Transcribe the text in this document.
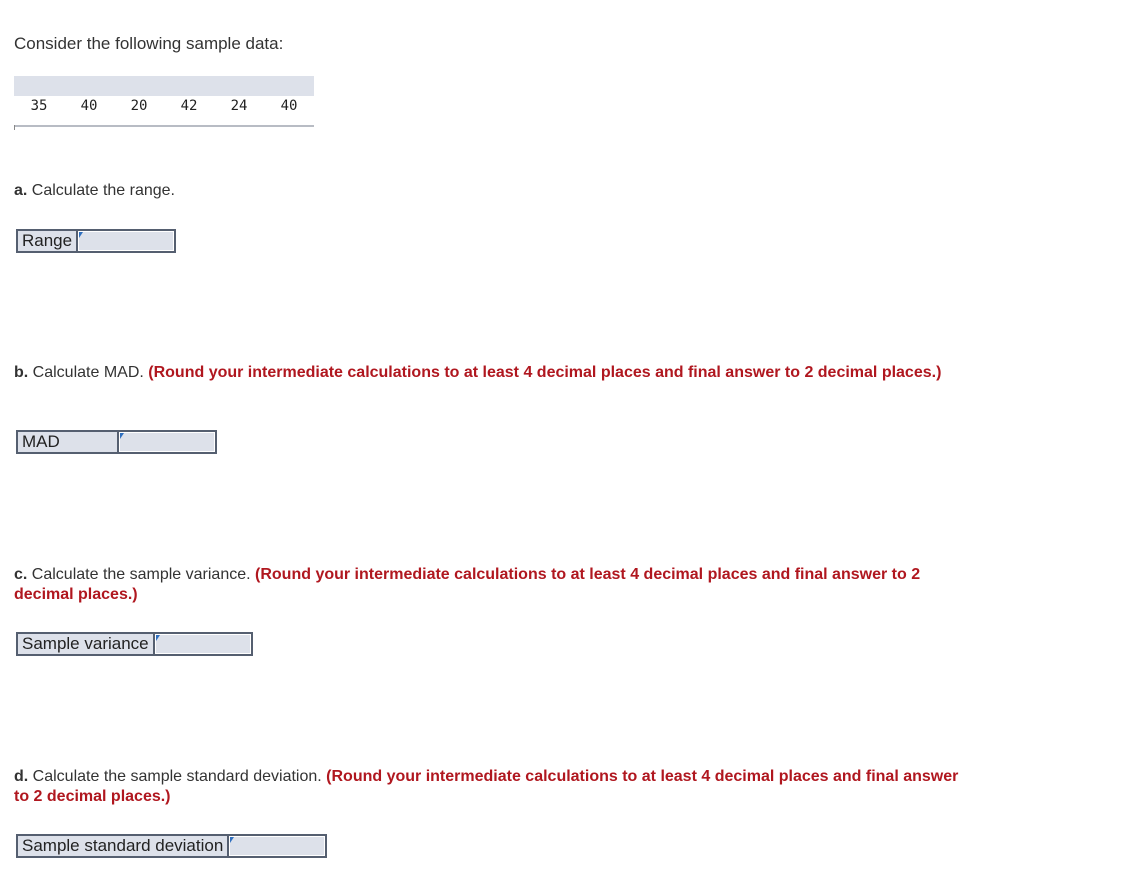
Consider the following sample data:
35	40	20	42	24	40
a. Calculate the range.
Range
b. Calculate MAD. (Round your intermediate calculations to at least 4 decimal places and final answer to 2 decimal places.)
MAD
c. Calculate the sample variance. (Round your intermediate calculations to at least 4 decimal places and final answer to 2 decimal places.)
Sample variance
d. Calculate the sample standard deviation. (Round your intermediate calculations to at least 4 decimal places and final answer to 2 decimal places.)
Sample standard deviation
